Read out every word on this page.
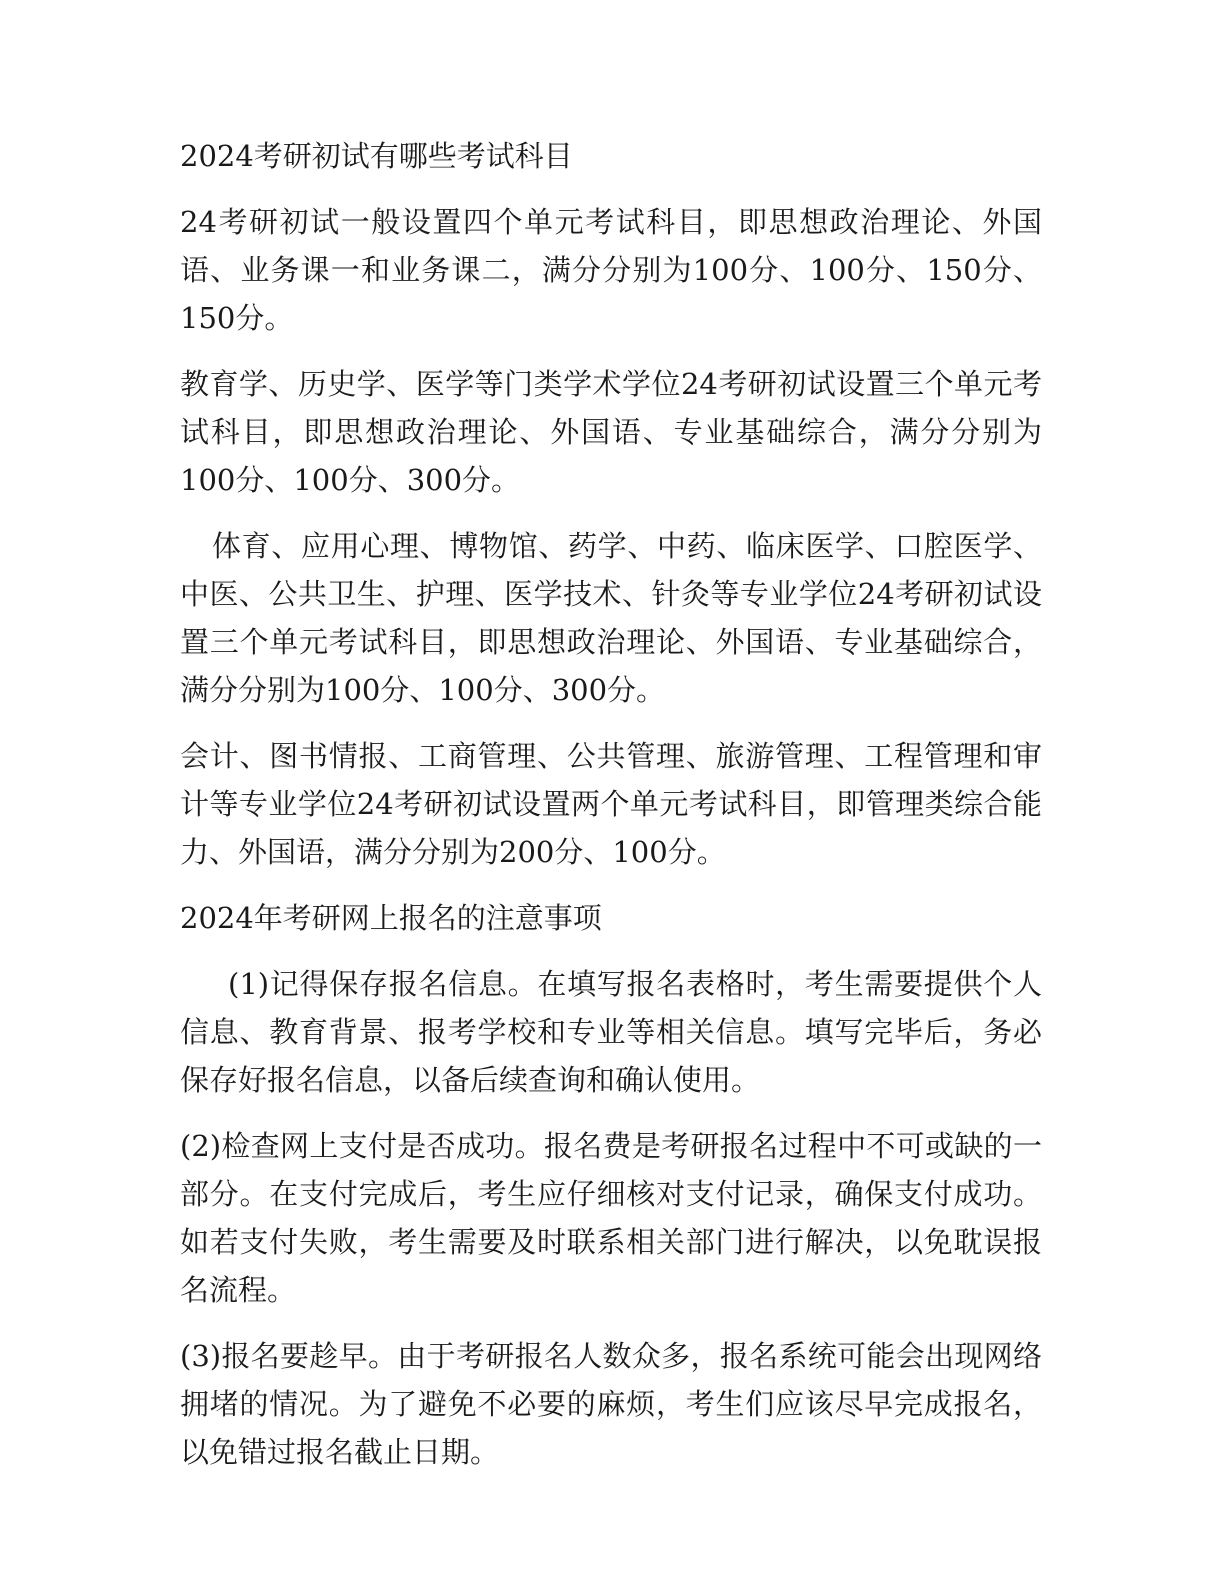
2024考研初试有哪些考试科目

24考研初试一般设置四个单元考试科目，即思想政治理论、外国语、业务课一和业务课二，满分分别为100分、100分、150分、150分。

教育学、历史学、医学等门类学术学位24考研初试设置三个单元考试科目，即思想政治理论、外国语、专业基础综合，满分分别为100分、100分、300分。

体育、应用心理、博物馆、药学、中药、临床医学、口腔医学、中医、公共卫生、护理、医学技术、针灸等专业学位24考研初试设置三个单元考试科目，即思想政治理论、外国语、专业基础综合，满分分别为100分、100分、300分。

会计、图书情报、工商管理、公共管理、旅游管理、工程管理和审计等专业学位24考研初试设置两个单元考试科目，即管理类综合能力、外国语，满分分别为200分、100分。

2024年考研网上报名的注意事项

(1)记得保存报名信息。在填写报名表格时，考生需要提供个人信息、教育背景、报考学校和专业等相关信息。填写完毕后，务必保存好报名信息，以备后续查询和确认使用。

(2)检查网上支付是否成功。报名费是考研报名过程中不可或缺的一部分。在支付完成后，考生应仔细核对支付记录，确保支付成功。如若支付失败，考生需要及时联系相关部门进行解决，以免耽误报名流程。

(3)报名要趁早。由于考研报名人数众多，报名系统可能会出现网络拥堵的情况。为了避免不必要的麻烦，考生们应该尽早完成报名，以免错过报名截止日期。
